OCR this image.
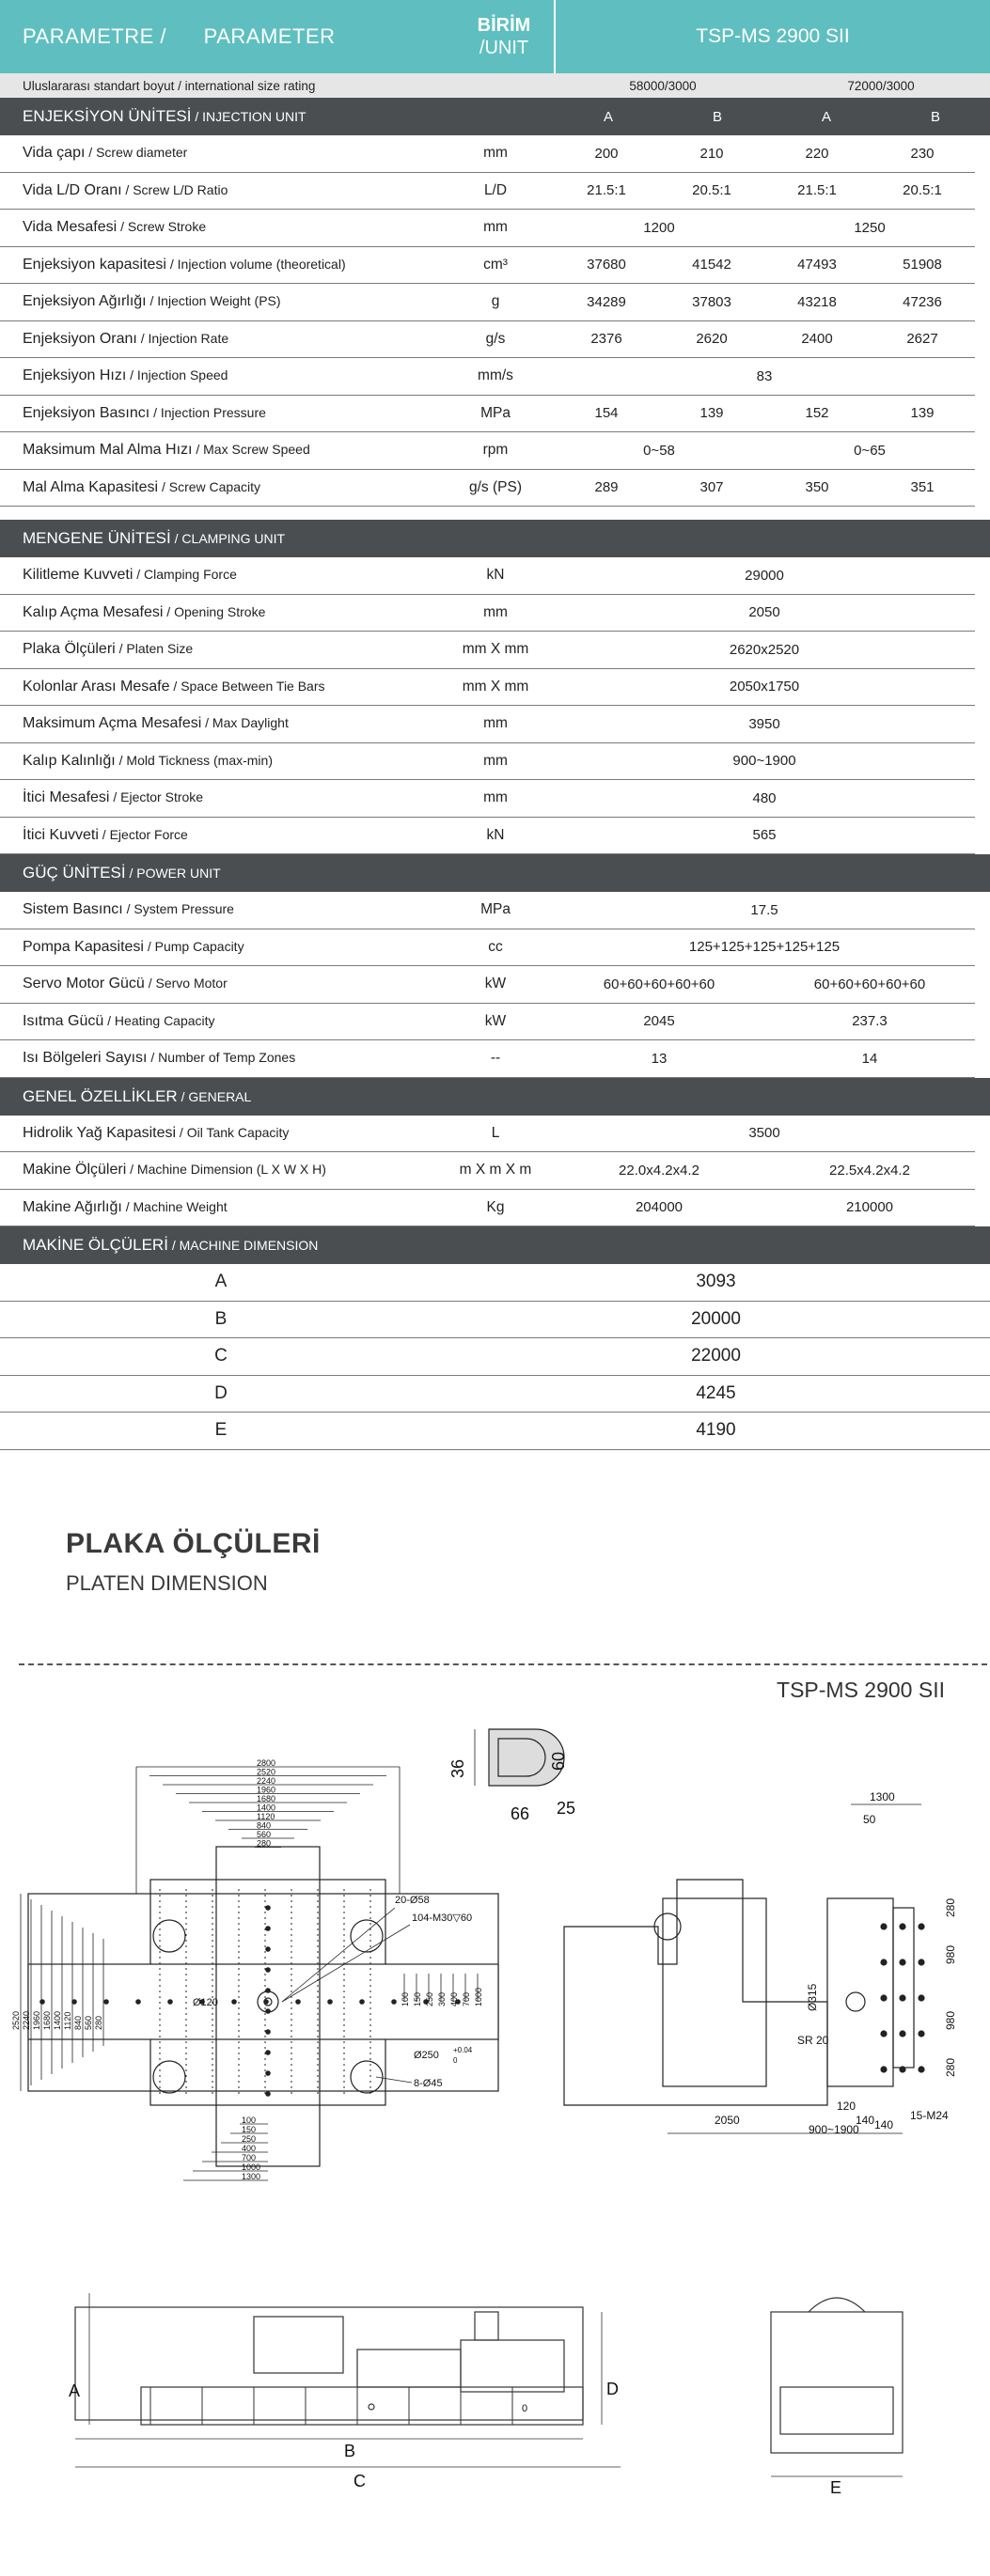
PARAMETRE /      PARAMETER	BİRİM
/UNIT
TSP-MS 2900 SII
Uluslararası standart boyut / international size rating	58000/3000	72000/3000
ENJEKSİYON ÜNİTESİ / INJECTION UNIT	A	B	A	B
Vida çapı / Screw diameter	mm	200	210	220	230
Vida L/D Oranı / Screw L/D Ratio	L/D	21.5:1	20.5:1	21.5:1	20.5:1
Vida Mesafesi / Screw Stroke	mm	1200	1250
Enjeksiyon kapasitesi / Injection volume (theoretical)	cm³	37680	41542	47493	51908
Enjeksiyon Ağırlığı / Injection Weight (PS)	g	34289	37803	43218	47236
Enjeksiyon Oranı / Injection Rate	g/s	2376	2620	2400	2627
Enjeksiyon Hızı / Injection Speed	mm/s	83
Enjeksiyon Basıncı / Injection Pressure	MPa	154	139	152	139
Maksimum Mal Alma Hızı / Max Screw Speed	rpm	0~58	0~65
Mal Alma Kapasitesi / Screw Capacity	g/s (PS)	289	307	350	351
MENGENE ÜNİTESİ / CLAMPING UNIT
Kilitleme Kuvveti / Clamping Force	kN	29000
Kalıp Açma Mesafesi / Opening Stroke	mm	2050
Plaka Ölçüleri / Platen Size	mm X mm	2620x2520
Kolonlar Arası Mesafe / Space Between Tie Bars	mm X mm	2050x1750
Maksimum Açma Mesafesi / Max Daylight	mm	3950
Kalıp Kalınlığı / Mold Tickness (max-min)	mm	900~1900
İtici Mesafesi / Ejector Stroke	mm	480
İtici Kuvveti / Ejector Force	kN	565
GÜÇ ÜNİTESİ / POWER UNIT
Sistem Basıncı / System Pressure	MPa	17.5
Pompa Kapasitesi / Pump Capacity	cc	125+125+125+125+125
Servo Motor Gücü / Servo Motor	kW	60+60+60+60+60	60+60+60+60+60
Isıtma Gücü / Heating Capacity	kW	2045	237.3
Isı Bölgeleri Sayısı / Number of Temp Zones	--	13	14
GENEL ÖZELLİKLER / GENERAL
Hidrolik Yağ Kapasitesi / Oil Tank Capacity	L	3500
Makine Ölçüleri / Machine Dimension (L X W X H)	m X m X m	22.0x4.2x4.2	22.5x4.2x4.2
Makine Ağırlığı / Machine Weight	Kg	204000	210000
MAKİNE ÖLÇÜLERİ / MACHINE DIMENSION
A	3093
B	20000
C	22000
D	4245
E	4190
PLAKA ÖLÇÜLERİ
PLATEN DIMENSION
TSP-MS 2900 SII
2800
2520
2240
1960
1680
1400
1120
840
560
280
2520 2240 1960 1680 1400 1120 840 560 280
100 150 250 300 400 700 1000
100
150
250
400
700
1000
1300
20-Ø58
104-M30▽60
Ø120
Ø250 +0.04
0
8-Ø45
36	60
25
66
1300
50
280
980
980
280
Ø315
SR 20
2050
900~1900
120
140 140
15-M24
0
A
B
C
D
E
